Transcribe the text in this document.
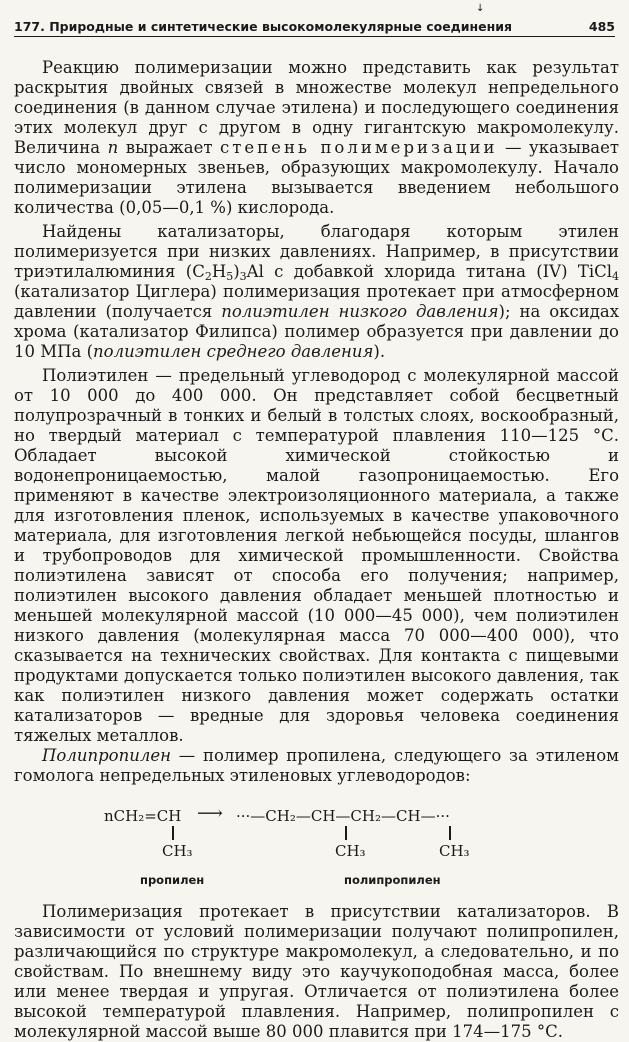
177. Природные и синтетические высокомолекулярные соединения	485
↓

Реакцию полимеризации можно представить как результат раскрытия двойных связей в множестве молекул непредельного соединения (в данном случае этилена) и последующего соединения этих молекул друг с другом в одну гигантскую макромолекулу. Величина n выражает степень полимеризации — указывает число мономерных звеньев, образующих макромолекулу. Начало полимеризации этилена вызывается введением небольшого количества (0,05—0,1 %) кислорода.

Найдены катализаторы, благодаря которым этилен полимеризуется при низких давлениях. Например, в присутствии триэтилалюминия $(C_2H_5)_3Al$ с добавкой хлорида титана (IV) TiCl$_4$ (катализатор Циглера) полимеризация протекает при атмосферном давлении (получается полиэтилен низкого давления); на оксидах хрома (катализатор Филипса) полимер образуется при давлении до 10 МПа (полиэтилен среднего давления).

Полиэтилен — предельный углеводород с молекулярной массой от 10 000 до 400 000. Он представляет собой бесцветный полупрозрачный в тонких и белый в толстых слоях, воскообразный, но твердый материал с температурой плавления 110—125 °С. Обладает высокой химической стойкостью и водонепроницаемостью, малой газопроницаемостью. Его применяют в качестве электроизоляционного материала, а также для изготовления пленок, используемых в качестве упаковочного материала, для изготовления легкой небьющейся посуды, шлангов и трубопроводов для химической промышленности. Свойства полиэтилена зависят от способа его получения; например, полиэтилен высокого давления обладает меньшей плотностью и меньшей молекулярной массой (10 000—45 000), чем полиэтилен низкого давления (молекулярная масса 70 000—400 000), что сказывается на технических свойствах. Для контакта с пищевыми продуктами допускается только полиэтилен высокого давления, так как полиэтилен низкого давления может содержать остатки катализаторов — вредные для здоровья человека соединения тяжелых металлов.

Полипропилен — полимер пропилена, следующего за этиленом гомолога непредельных этиленовых углеводородов:

nCH₂=CH ⟶ ···—CH₂—CH—CH₂—CH—···
CH₃	CH₃	CH₃
пропилен	полипропилен

Полимеризация протекает в присутствии катализаторов. В зависимости от условий полимеризации получают полипропилен, различающийся по структуре макромолекул, а следовательно, и по свойствам. По внешнему виду это каучукоподобная масса, более или менее твердая и упругая. Отличается от полиэтилена более высокой температурой плавления. Например, полипропилен с молекулярной массой выше 80 000 плавится при 174—175 °С.
